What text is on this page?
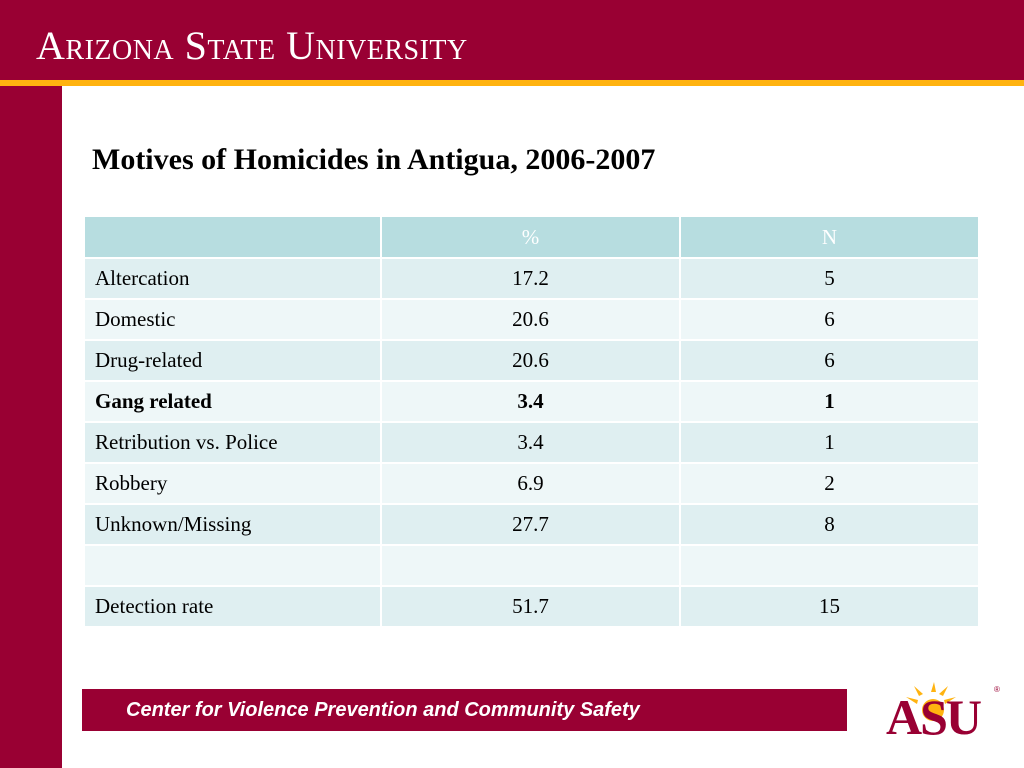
Arizona State University
Motives of Homicides in Antigua, 2006-2007
	%	N
Altercation	17.2	5
Domestic	20.6	6
Drug-related	20.6	6
Gang related	3.4	1
Retribution vs. Police	3.4	1
Robbery	6.9	2
Unknown/Missing	27.7	8

Detection rate	51.7	15
Center for Violence Prevention and Community Safety	ASU ®
